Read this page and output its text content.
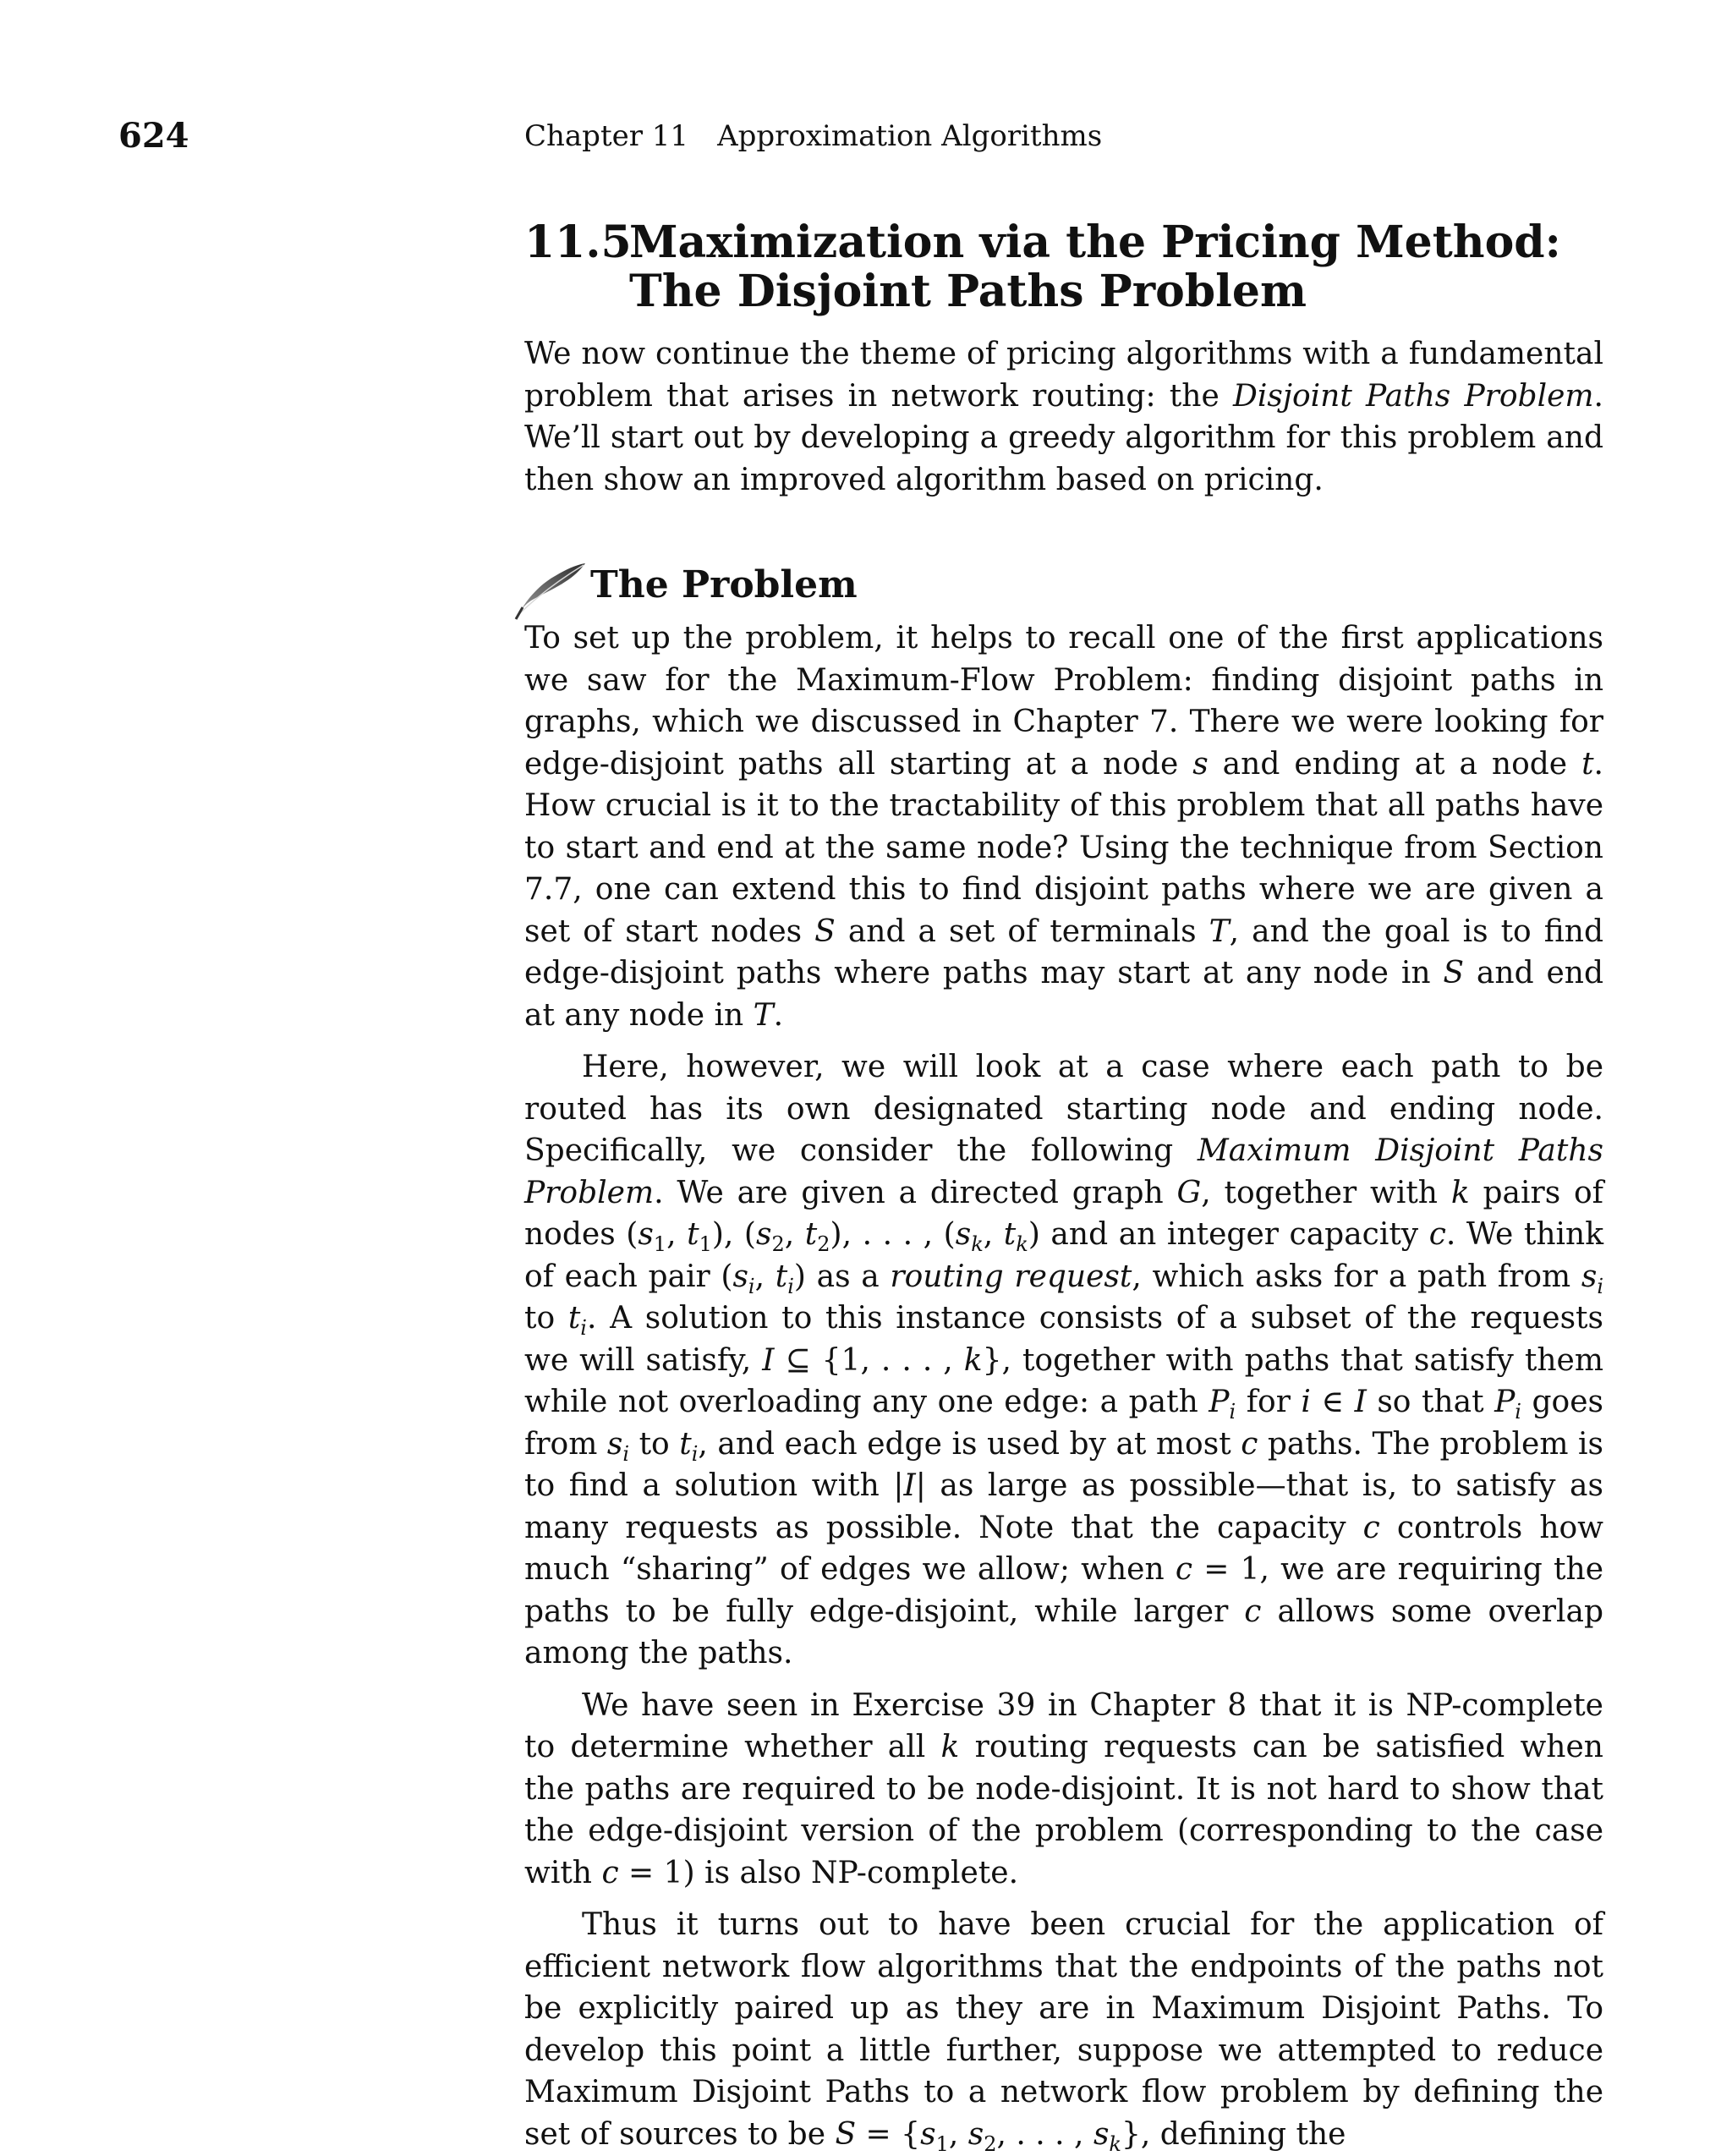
624	Chapter 11 Approximation Algorithms
11.5
Maximization via the Pricing Method:
The Disjoint Paths Problem

We now continue the theme of pricing algorithms with a fundamental problem that arises in network routing: the Disjoint Paths Problem. We’ll start out by developing a greedy algorithm for this problem and then show an improved algorithm based on pricing.

The Problem

To set up the problem, it helps to recall one of the first applications we saw for the Maximum-Flow Problem: finding disjoint paths in graphs, which we discussed in Chapter 7. There we were looking for edge-disjoint paths all starting at a node s and ending at a node t. How crucial is it to the tractability of this problem that all paths have to start and end at the same node? Using the technique from Section 7.7, one can extend this to find disjoint paths where we are given a set of start nodes S and a set of terminals T, and the goal is to find edge-disjoint paths where paths may start at any node in S and end at any node in T.

Here, however, we will look at a case where each path to be routed has its own designated starting node and ending node. Specifically, we consider the following Maximum Disjoint Paths Problem. We are given a directed graph G, together with k pairs of nodes ($s_1$, $t_1$), ($s_2$, $t_2$), . . . , ($s_k$, $t_k$) and an integer capacity c. We think of each pair ($s_i$, $t_i$) as a routing request, which asks for a path from $s_i$ to $t_i$. A solution to this instance consists of a subset of the requests we will satisfy, I ⊆ {1, . . . , k}, together with paths that satisfy them while not overloading any one edge: a path $P_i$ for i ∈ I so that $P_i$ goes from $s_i$ to $t_i$, and each edge is used by at most c paths. The problem is to find a solution with |I| as large as possible—that is, to satisfy as many requests as possible. Note that the capacity c controls how much “sharing” of edges we allow; when c = 1, we are requiring the paths to be fully edge-disjoint, while larger c allows some overlap among the paths.

We have seen in Exercise 39 in Chapter 8 that it is NP-complete to determine whether all k routing requests can be satisfied when the paths are required to be node-disjoint. It is not hard to show that the edge-disjoint version of the problem (corresponding to the case with c = 1) is also NP-complete.

Thus it turns out to have been crucial for the application of efficient network flow algorithms that the endpoints of the paths not be explicitly paired up as they are in Maximum Disjoint Paths. To develop this point a little further, suppose we attempted to reduce Maximum Disjoint Paths to a network flow problem by defining the set of sources to be $S = \{s_1$, $s_2$, . . . , $s_k$}, defining the
